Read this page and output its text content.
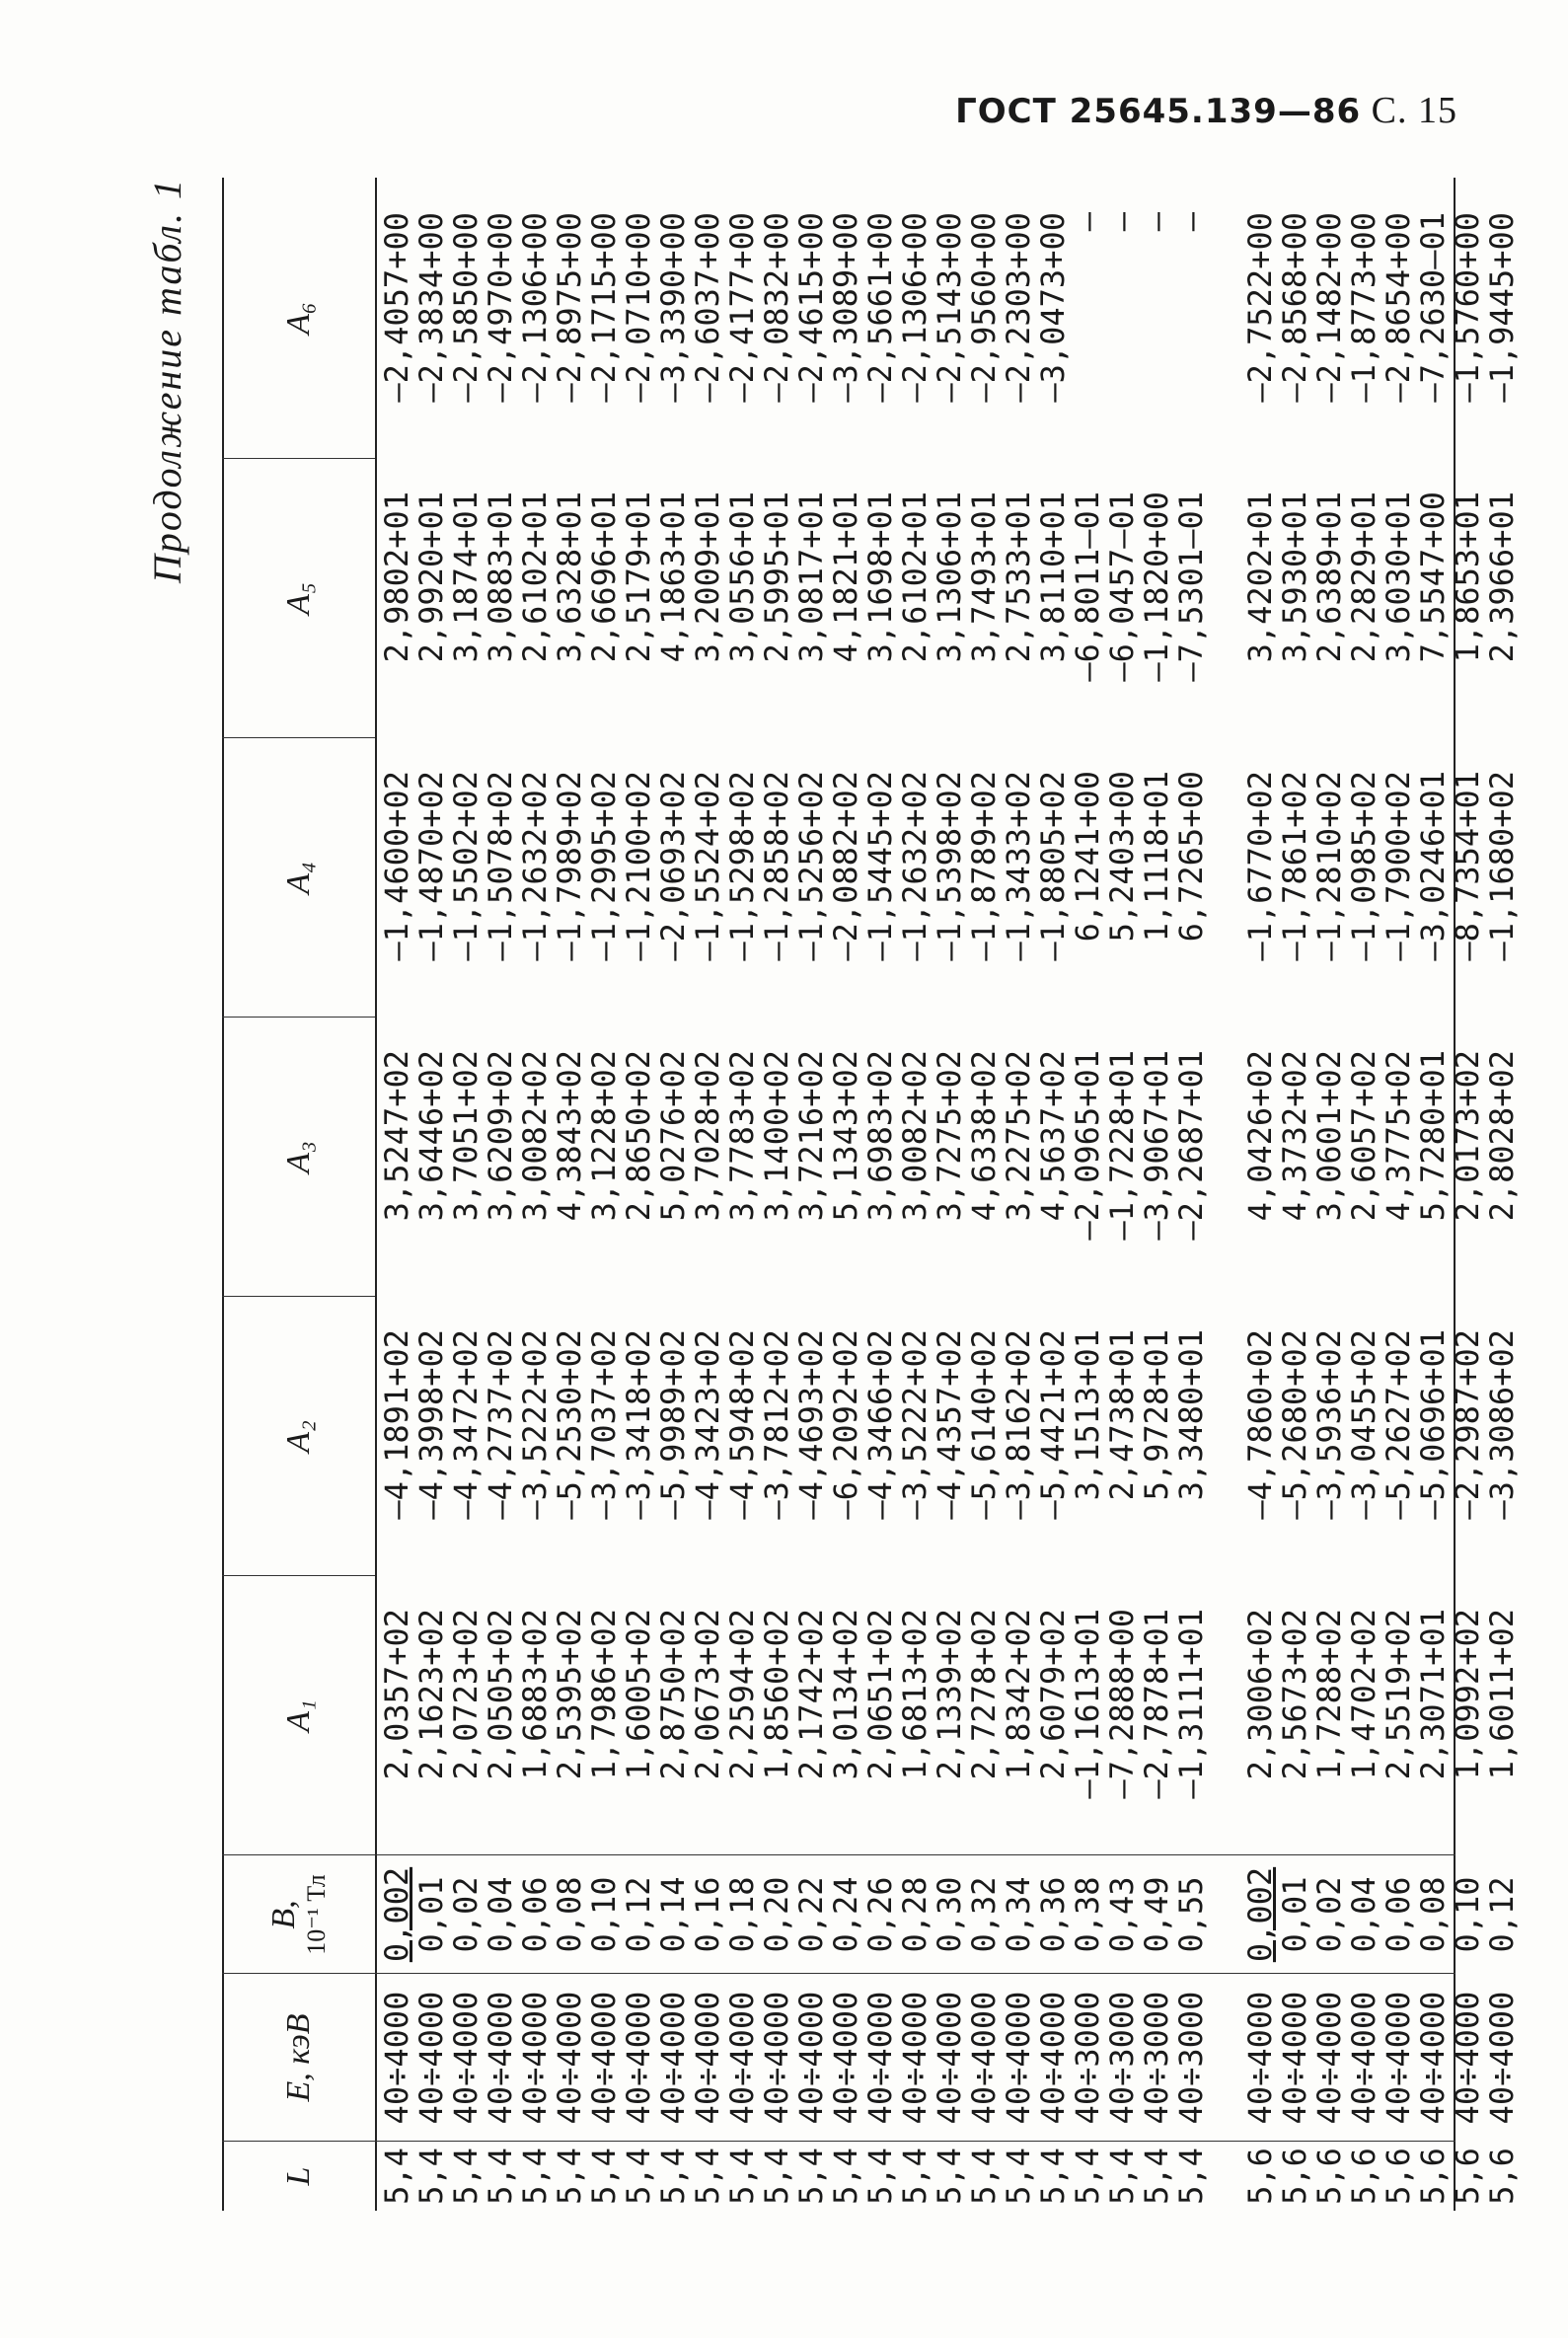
ГОСТ 25645.139—86 С. 15
Продолжение табл. 1
L
E, кэВ
B, 10⁻¹ Тл
A₁
A₂
A₃
A₄
A₅
A₆
5,4
5,4
5,4
5,4
5,4
5,4
5,4
5,4
5,4
5,4
5,4
5,4
5,4
5,4
5,4
5,4
5,4
5,4
5,4
5,4
5,4
5,4
5,4
5,4 5,6
5,6
5,6
5,6
5,6
5,6
5,6
5,6
40÷4000
40÷4000
40÷4000
40÷4000
40÷4000
40÷4000
40÷4000
40÷4000
40÷4000
40÷4000
40÷4000
40÷4000
40÷4000
40÷4000
40÷4000
40÷4000
40÷4000
40÷4000
40÷4000
40÷4000
40÷3000
40÷3000
40÷3000
40÷3000 40÷4000
40÷4000
40÷4000
40÷4000
40÷4000
40÷4000
40÷4000
40÷4000
0,002
0,01
0,02
0,04
0,06
0,08
0,10
0,12
0,14
0,16
0,18
0,20
0,22
0,24
0,26
0,28
0,30
0,32
0,34
0,36
0,38
0,43
0,49
0,55 0,002
0,01
0,02
0,04
0,06
0,08
0,10
0,12
2,0357+02
2,1623+02
2,0723+02
2,0505+02
1,6883+02
2,5395+02
1,7986+02
1,6005+02
2,8750+02
2,0673+02
2,2594+02
1,8560+02
2,1742+02
3,0134+02
2,0651+02
1,6813+02
2,1339+02
2,7278+02
1,8342+02
2,6079+02
—1,1613+01
—7,2888+00
—2,7878+01
—1,3111+01 2,3006+02
2,5673+02
1,7288+02
1,4702+02
2,5519+02
2,3071+01
1,0992+02
1,6011+02
—4,1891+02
—4,3998+02
—4,3472+02
—4,2737+02
—3,5222+02
—5,2530+02
—3,7037+02
—3,3418+02
—5,9989+02
—4,3423+02
—4,5948+02
—3,7812+02
—4,4693+02
—6,2092+02
—4,3466+02
—3,5222+02
—4,4357+02
—5,6140+02
—3,8162+02
—5,4421+02
3,1513+01
2,4738+01
5,9728+01
3,3480+01 —4,7860+02
—5,2680+02
—3,5936+02
—3,0455+02
—5,2627+02
—5,0696+01
—2,2987+02
—3,3086+02
3,5247+02
3,6446+02
3,7051+02
3,6209+02
3,0082+02
4,3843+02
3,1228+02
2,8650+02
5,0276+02
3,7028+02
3,7783+02
3,1400+02
3,7216+02
5,1343+02
3,6983+02
3,0082+02
3,7275+02
4,6338+02
3,2275+02
4,5637+02
—2,0965+01
—1,7228+01
—3,9067+01
—2,2687+01 4,0426+02
4,3732+02
3,0601+02
2,6057+02
4,3775+02
5,7280+01
2,0173+02
2,8028+02
—1,4600+02
—1,4870+02
—1,5502+02
—1,5078+02
—1,2632+02
—1,7989+02
—1,2995+02
—1,2100+02
—2,0693+02
—1,5524+02
—1,5298+02
—1,2858+02
—1,5256+02
—2,0882+02
—1,5445+02
—1,2632+02
—1,5398+02
—1,8789+02
—1,3433+02
—1,8805+02
6,1241+00
5,2403+00
1,1118+01
6,7265+00 —1,6770+02
—1,7861+02
—1,2810+02
—1,0985+02
—1,7900+02
—3,0246+01
—8,7354+01
—1,1680+02
2,9802+01
2,9920+01
3,1874+01
3,0883+01
2,6102+01
3,6328+01
2,6696+01
2,5179+01
4,1863+01
3,2009+01
3,0556+01
2,5995+01
3,0817+01
4,1821+01
3,1698+01
2,6102+01
3,1306+01
3,7493+01
2,7533+01
3,8110+01
—6,8011—01
—6,0457—01
—1,1820+00
—7,5301—01 3,4202+01
3,5930+01
2,6389+01
2,2829+01
3,6030+01
7,5547+00
1,8653+01
2,3966+01
—2,4057+00
—2,3834+00
—2,5850+00
—2,4970+00
—2,1306+00
—2,8975+00
—2,1715+00
—2,0710+00
—3,3390+00
—2,6037+00
—2,4177+00
—2,0832+00
—2,4615+00
—3,3089+00
—2,5661+00
—2,1306+00
—2,5143+00
—2,9560+00
—2,2303+00
—3,0473+00
—
—
—
— —2,7522+00
—2,8568+00
—2,1482+00
—1,8773+00
—2,8654+00
—7,2630—01
—1,5760+00
—1,9445+00
